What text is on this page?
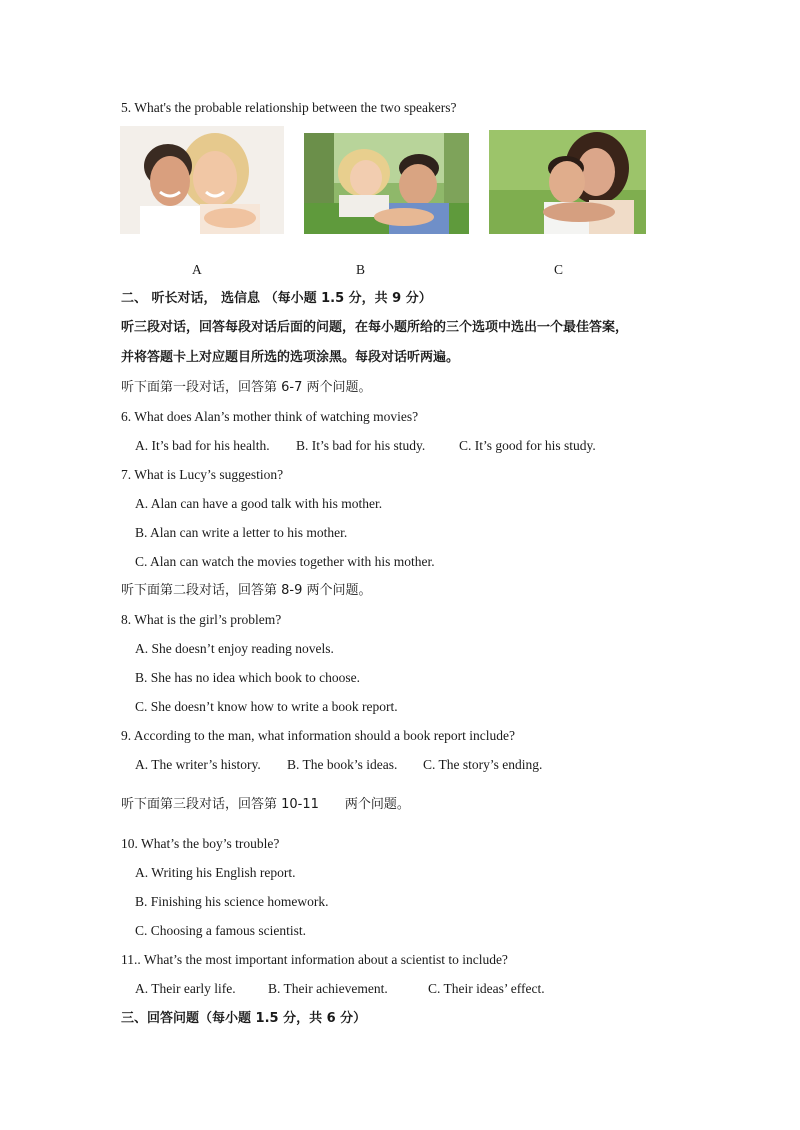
5. What's the probable relationship between the two speakers?
A	B	C
二、 听长对话， 选信息 （每小题 1.5 分，共 9 分）
听三段对话，回答每段对话后面的问题，在每小题所给的三个选项中选出一个最佳答案，
并将答题卡上对应题目所选的选项涂黑。每段对话听两遍。
听下面第一段对话，回答第 6-7 两个问题。
6. What does Alan’s mother think of watching movies?
A. It’s bad for his health. B. It’s bad for his study.	C. It’s good for his study.
7. What is Lucy’s suggestion?
A. Alan can have a good talk with his mother.
B. Alan can write a letter to his mother.
C. Alan can watch the movies together with his mother.
听下面第二段对话，回答第 8-9 两个问题。
8. What is the girl’s problem?
A. She doesn’t enjoy reading novels.
B. She has no idea which book to choose.
C. She doesn’t know how to write a book report.
9. According to the man, what information should a book report include?
A. The writer’s history. B. The book’s ideas. C. The story’s ending.
听下面第三段对话，回答第 10-11　　两个问题。
10. What’s the boy’s trouble?
A. Writing his English report.
B. Finishing his science homework.
C. Choosing a famous scientist.
11.. What’s the most important information about a scientist to include?
A. Their early life. B. Their achievement.	C. Their ideas’ effect.
三、回答问题（每小题 1.5 分，共 6 分）
